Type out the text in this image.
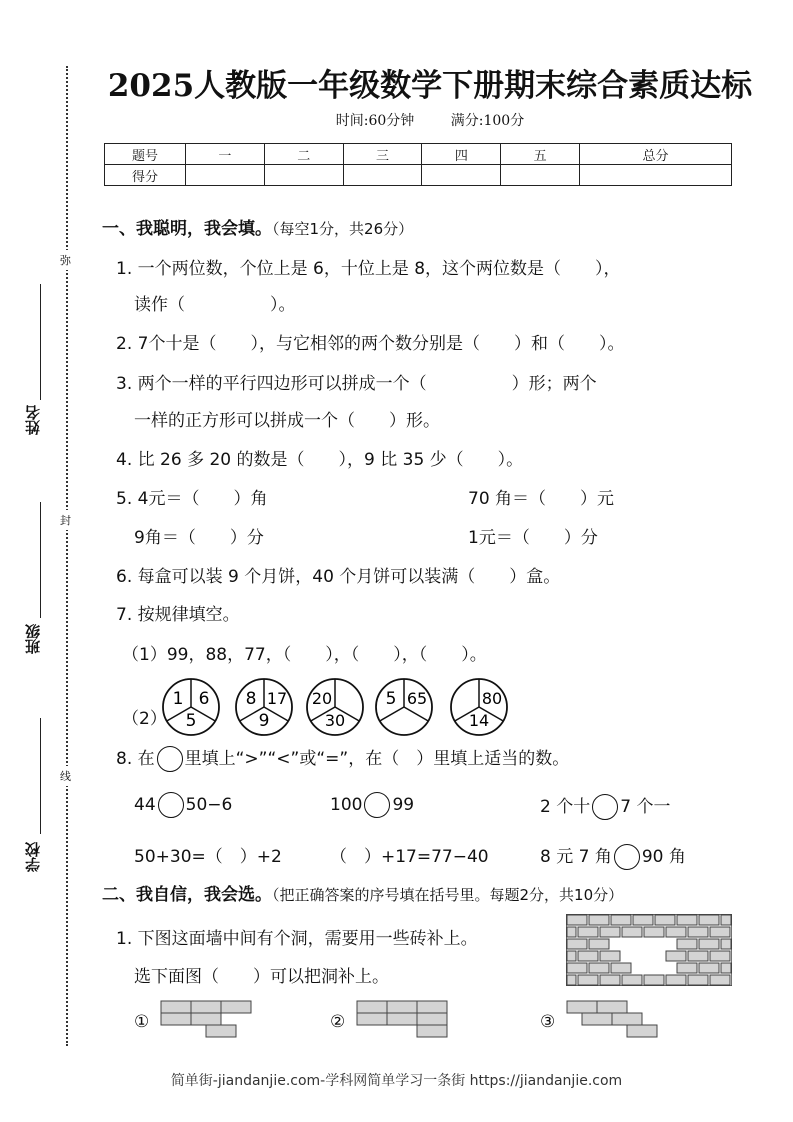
弥
封
线
姓名
班级
学校
2025人教版一年级数学下册期末综合素质达标
时间:60分钟	满分:100分
题号	一	二	三	四	五	总分
得分						
一、我聪明，我会填。（每空1分，共26分）
1. 一个两位数，个位上是 6，十位上是 8，这个两位数是（　　），
读作（　　　　　）。
2. 7个十是（　　），与它相邻的两个数分别是（　　）和（　　）。
3. 两个一样的平行四边形可以拼成一个（　　　　　）形；两个
一样的正方形可以拼成一个（　　）形。
4. 比 26 多 20 的数是（　　），9 比 35 少（　　）。
5. 4元＝（　　）角	70 角＝（　　）元
9角＝（　　）分	1元＝（　　）分
6. 每盒可以装 9 个月饼，40 个月饼可以装满（　　）盒。
7. 按规律填空。
（1）99，88，77，（　　），（　　），（　　）。
（2）
1 6
5
8 17
9
20
30
5 65	80
14
8. 在 里填上“>”“<”或“=”，在（　）里填上适当的数。
44 50−6	100 99	2 个十 7 个一
50+30=（　）+2	（　）+17=77−40	8 元 7 角 90 角
二、我自信，我会选。（把正确答案的序号填在括号里。每题2分，共10分）
1. 下图这面墙中间有个洞，需要用一些砖补上。
选下面图（　　）可以把洞补上。
①	②	③
简单街-jiandanjie.com-学科网简单学习一条街 https://jiandanjie.com
